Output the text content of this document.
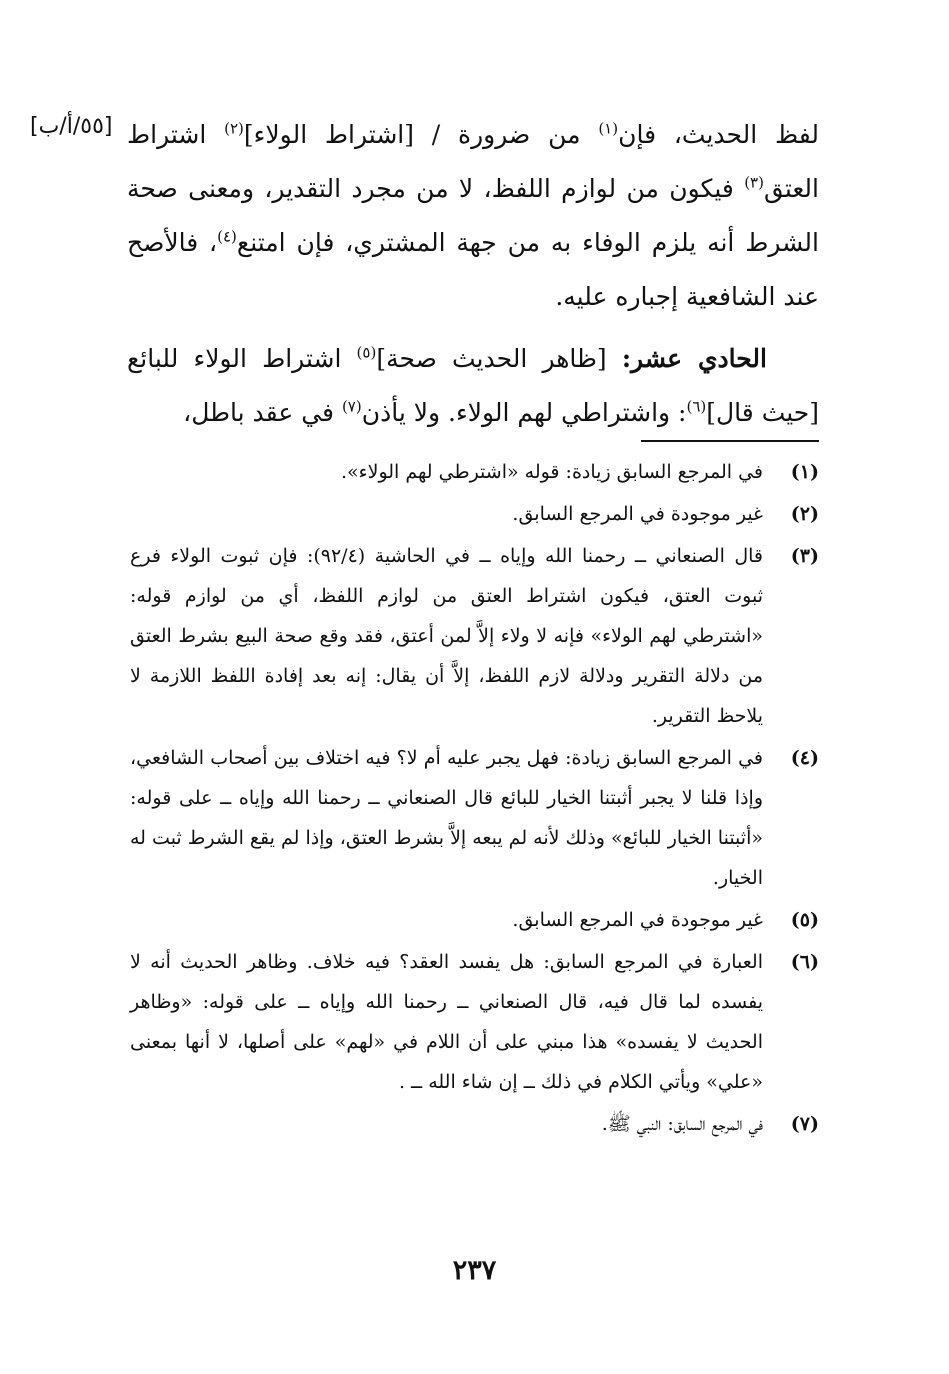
[٥٥/أ/ب]	لفظ الحديث، فإن$^{(١)}$ من ضرورة / [اشتراط الولاء]$^{(٢)}$ اشتراط العتق$^{(٣)}$ فيكون من لوازم اللفظ، لا من مجرد التقدير، ومعنى صحة الشرط أنه يلزم الوفاء به من جهة المشتري، فإن امتنع$^{(٤)}$، فالأصح عند الشافعية إجباره عليه.

الحادي عشر: [ظاهر الحديث صحة]$^{(٥)}$ اشتراط الولاء للبائع [حيث قال]$^{(٦)}$: واشتراطي لهم الولاء. ولا يأذن$^{(٧)}$ في عقد باطل،

(١)
في المرجع السابق زيادة: قوله «اشترطي لهم الولاء».
(٢)
غير موجودة في المرجع السابق.
(٣)
قال الصنعاني ــ رحمنا الله وإياه ــ في الحاشية (٩٢/٤): فإن ثبوت الولاء فرع ثبوت العتق، فيكون اشتراط العتق من لوازم اللفظ، أي من لوازم قوله: «اشترطي لهم الولاء» فإنه لا ولاء إلاَّ لمن أعتق، فقد وقع صحة البيع بشرط العتق من دلالة التقرير ودلالة لازم اللفظ، إلاَّ أن يقال: إنه بعد إفادة اللفظ اللازمة لا يلاحظ التقرير.
(٤)
في المرجع السابق زيادة: فهل يجبر عليه أم لا؟ فيه اختلاف بين أصحاب الشافعي، وإذا قلنا لا يجبر أثبتنا الخيار للبائع قال الصنعاني ــ رحمنا الله وإياه ــ على قوله: «أثبتنا الخيار للبائع» وذلك لأنه لم يبعه إلاَّ بشرط العتق، وإذا لم يقع الشرط ثبت له الخيار.
(٥)
غير موجودة في المرجع السابق.
(٦)
العبارة في المرجع السابق: هل يفسد العقد؟ فيه خلاف. وظاهر الحديث أنه لا يفسده لما قال فيه، قال الصنعاني ــ رحمنا الله وإياه ــ على قوله: «وظاهر الحديث لا يفسده» هذا مبني على أن اللام في «لهم» على أصلها، لا أنها بمعنى «علي» ويأتي الكلام في ذلك ــ إن شاء الله ــ .
(٧)
في المرجع السابق: النبي ﷺ.
٢٣٧
